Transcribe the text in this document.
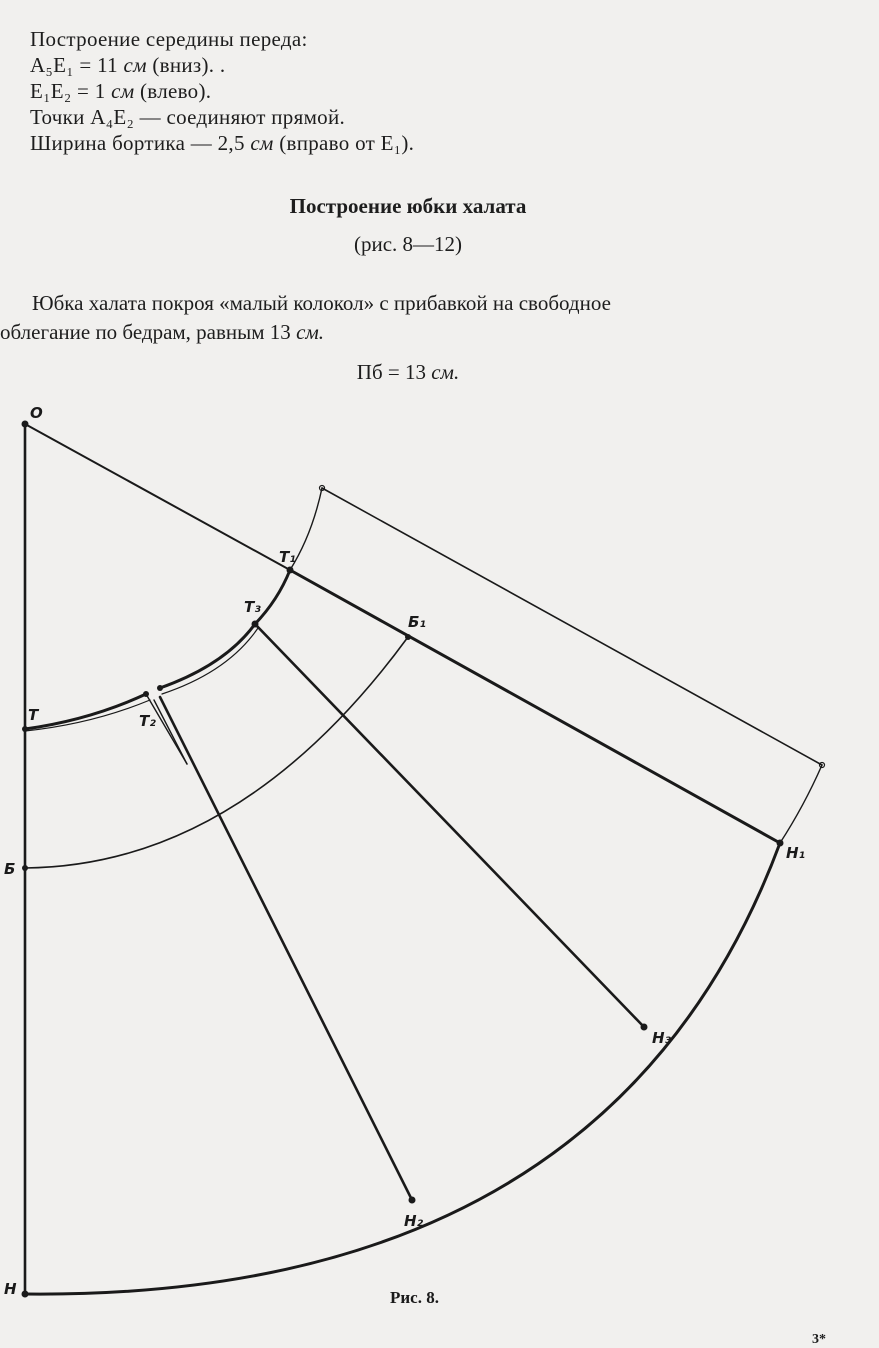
Построение середины переда:
A₅E₁ = 11 см (вниз). .
E₁E₂ = 1 см (влево).
Точки A₄E₂ — соединяют прямой.
Ширина бортика — 2,5 см (вправо от E₁).
Построение юбки халата
(рис. 8—12)
Юбка халата покроя «малый колокол» с прибавкой на свободное
облегание по бедрам, равным 13 см.
Пб = 13 см.
О
Т₁
Т₃
Б₁
Т	Т₂
Б
Н
Н₂
Н₃
Н₁
Рис. 8.
3*
